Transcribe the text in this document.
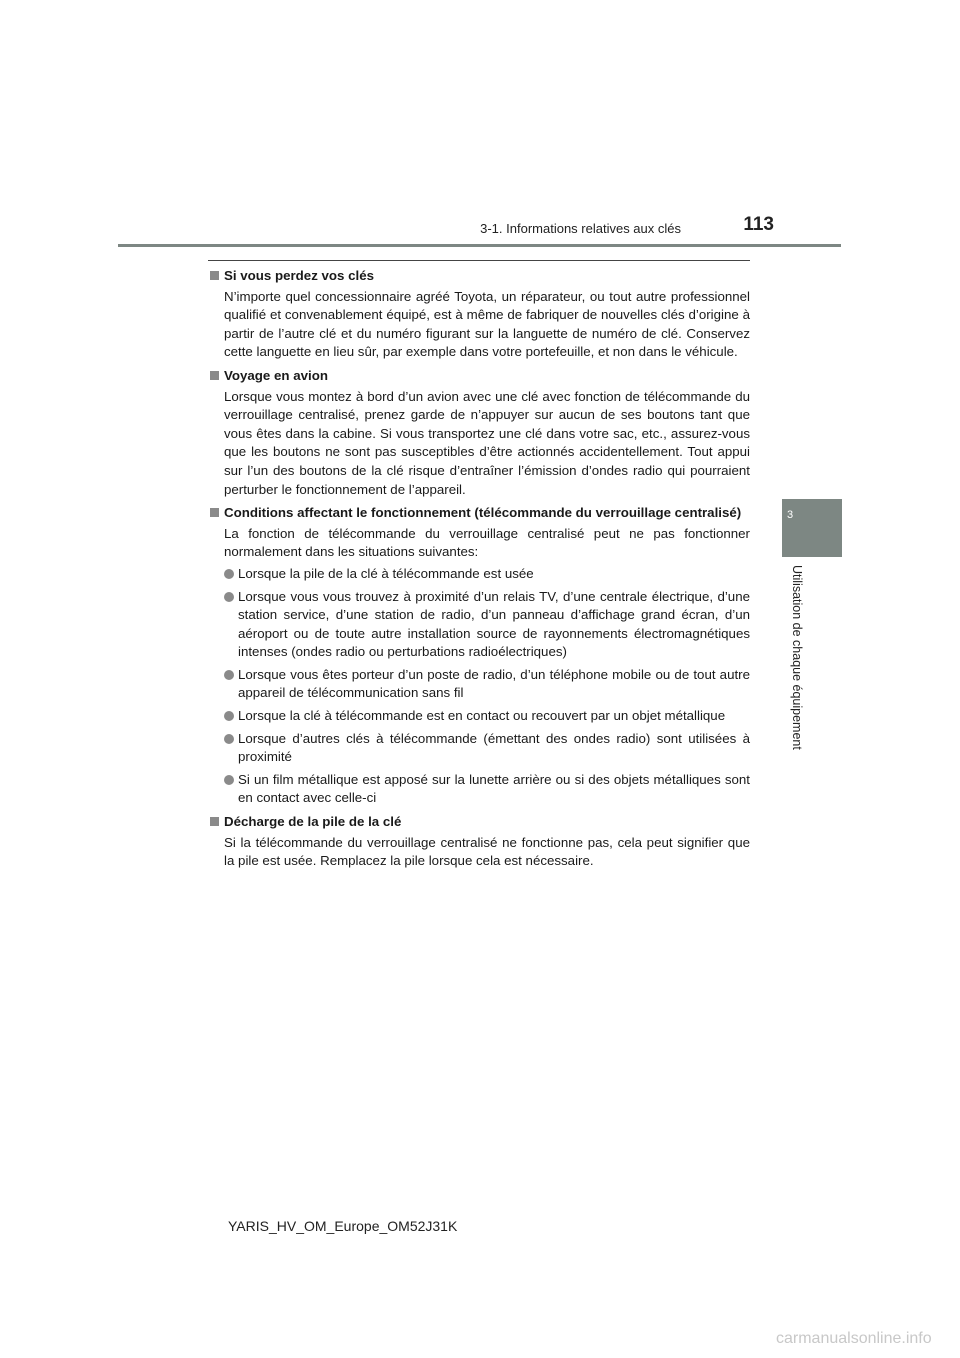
3-1. Informations relatives aux clés	113
3
Utilisation de chaque équipement
Si vous perdez vos clés

N’importe quel concessionnaire agréé Toyota, un réparateur, ou tout autre professionnel qualifié et convenablement équipé, est à même de fabriquer de nouvelles clés d’origine à partir de l’autre clé et du numéro figurant sur la languette de numéro de clé. Conservez cette languette en lieu sûr, par exemple dans votre portefeuille, et non dans le véhicule.

Voyage en avion

Lorsque vous montez à bord d’un avion avec une clé avec fonction de télécommande du verrouillage centralisé, prenez garde de n’appuyer sur aucun de ses boutons tant que vous êtes dans la cabine. Si vous transportez une clé dans votre sac, etc., assurez-vous que les boutons ne sont pas susceptibles d’être actionnés accidentellement. Tout appui sur l’un des boutons de la clé risque d’entraîner l’émission d’ondes radio qui pourraient perturber le fonctionnement de l’appareil.

Conditions affectant le fonctionnement (télécommande du verrouillage centralisé)

La fonction de télécommande du verrouillage centralisé peut ne pas fonctionner normalement dans les situations suivantes:

Lorsque la pile de la clé à télécommande est usée
Lorsque vous vous trouvez à proximité d’un relais TV, d’une centrale électrique, d’une station service, d’une station de radio, d’un panneau d’affichage grand écran, d’un aéroport ou de toute autre installation source de rayonnements électromagnétiques intenses (ondes radio ou perturbations radioélectriques)
Lorsque vous êtes porteur d’un poste de radio, d’un téléphone mobile ou de tout autre appareil de télécommunication sans fil
Lorsque la clé à télécommande est en contact ou recouvert par un objet métallique
Lorsque d’autres clés à télécommande (émettant des ondes radio) sont utilisées à proximité
Si un film métallique est apposé sur la lunette arrière ou si des objets métalliques sont en contact avec celle-ci
Décharge de la pile de la clé

Si la télécommande du verrouillage centralisé ne fonctionne pas, cela peut signifier que la pile est usée. Remplacez la pile lorsque cela est nécessaire.

YARIS_HV_OM_Europe_OM52J31K
carmanualsonline.info
